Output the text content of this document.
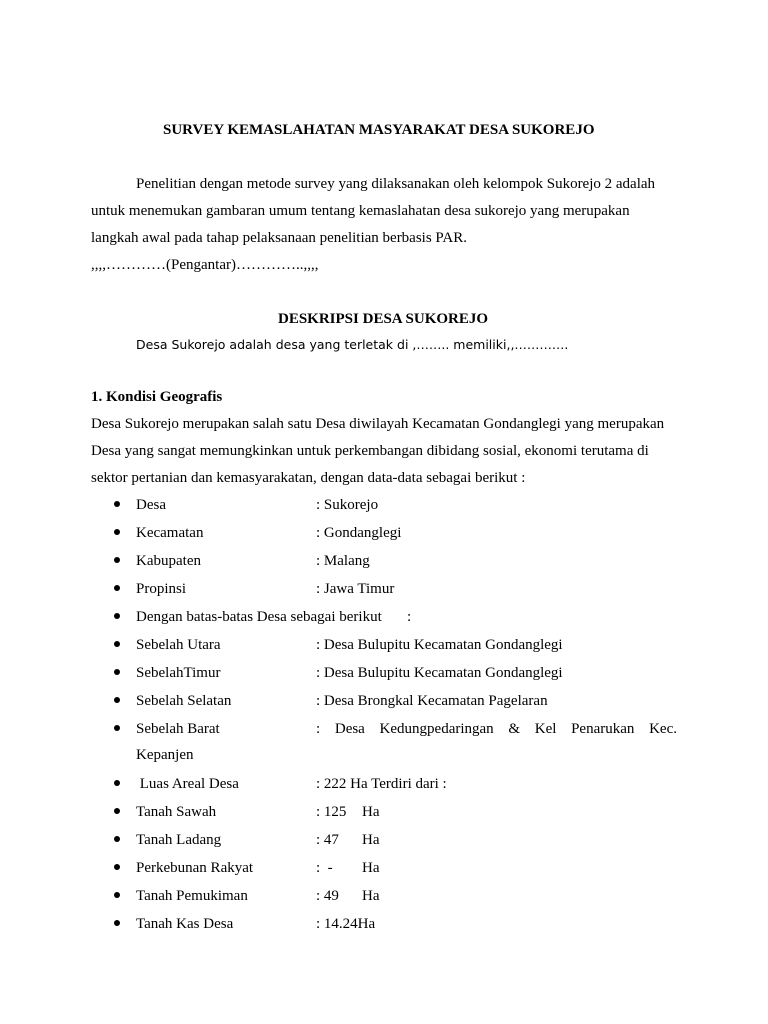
SURVEY KEMASLAHATAN MASYARAKAT DESA SUKOREJO
Penelitian dengan metode survey yang dilaksanakan oleh kelompok Sukorejo 2 adalah
untuk menemukan gambaran umum tentang kemaslahatan desa sukorejo yang merupakan
langkah awal pada tahap pelaksanaan penelitian berbasis PAR.
,,,,…………(Pengantar)…………..,,,,
DESKRIPSI DESA SUKOREJO
Desa Sukorejo adalah desa yang terletak di ,…….. memiliki,,………….
1. Kondisi Geografis
Desa Sukorejo merupakan salah satu Desa diwilayah Kecamatan Gondanglegi yang merupakan
Desa yang sangat memungkinkan untuk perkembangan dibidang sosial, ekonomi terutama di
sektor pertanian dan kemasyarakatan, dengan data-data sebagai berikut :
Desa	: Sukorejo
Kecamatan	: Gondanglegi
Kabupaten	: Malang
Propinsi	: Jawa Timur
Dengan batas-batas Desa sebagai berikut :
Sebelah Utara	: Desa Bulupitu Kecamatan Gondanglegi
SebelahTimur	: Desa Bulupitu Kecamatan Gondanglegi
Sebelah Selatan	: Desa Brongkal Kecamatan Pagelaran
Sebelah Barat	: Desa Kedungpedaringan & Kel Penarukan Kec.
Kepanjen
Luas Areal Desa	: 222 Ha Terdiri dari :
Tanah Sawah	: 125 Ha
Tanah Ladang	: 47 Ha
Perkebunan Rakyat	:  - Ha
Tanah Pemukiman	: 49 Ha
Tanah Kas Desa	: 14.24Ha
